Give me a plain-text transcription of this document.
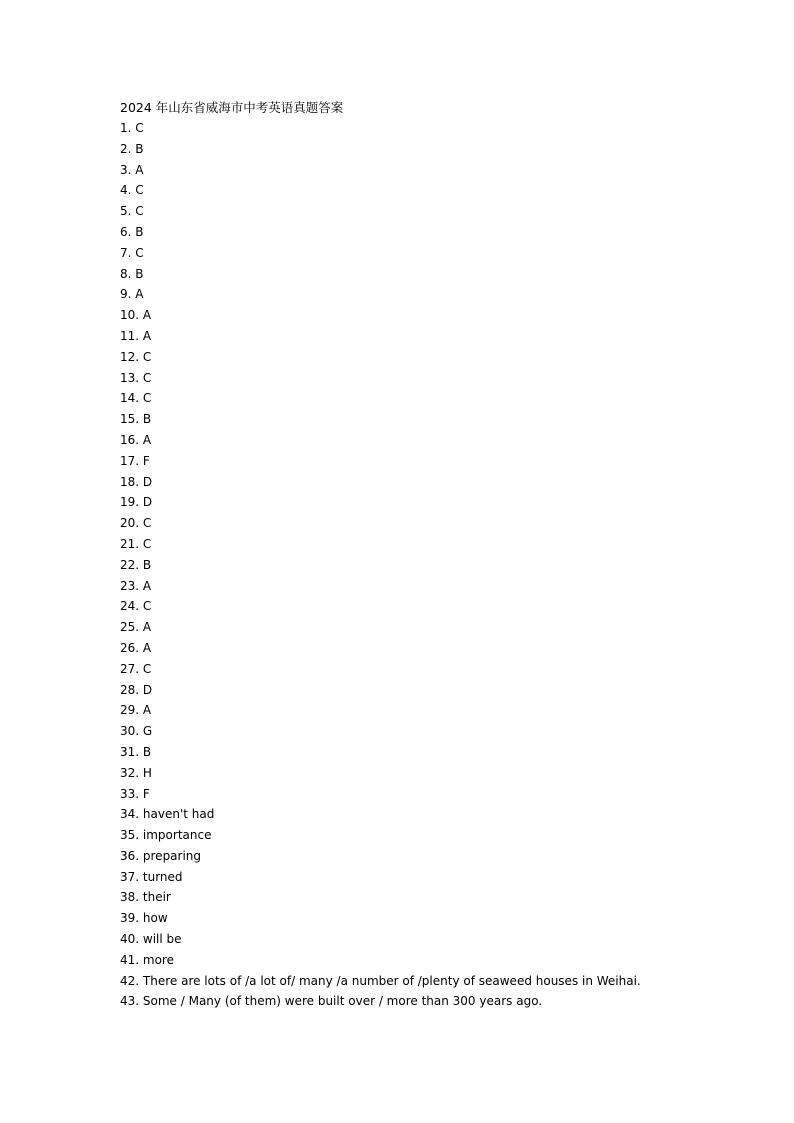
2024 年山东省威海市中考英语真题答案
1. C
2. B
3. A
4. C
5. C
6. B
7. C
8. B
9. A
10. A
11. A
12. C
13. C
14. C
15. B
16. A
17. F
18. D
19. D
20. C
21. C
22. B
23. A
24. C
25. A
26. A
27. C
28. D
29. A
30. G
31. B
32. H
33. F
34. haven't had
35. importance
36. preparing
37. turned
38. their
39. how
40. will be
41. more
42. There are lots of /a lot of/ many /a number of /plenty of seaweed houses in Weihai.
43. Some / Many (of them) were built over / more than 300 years ago.
